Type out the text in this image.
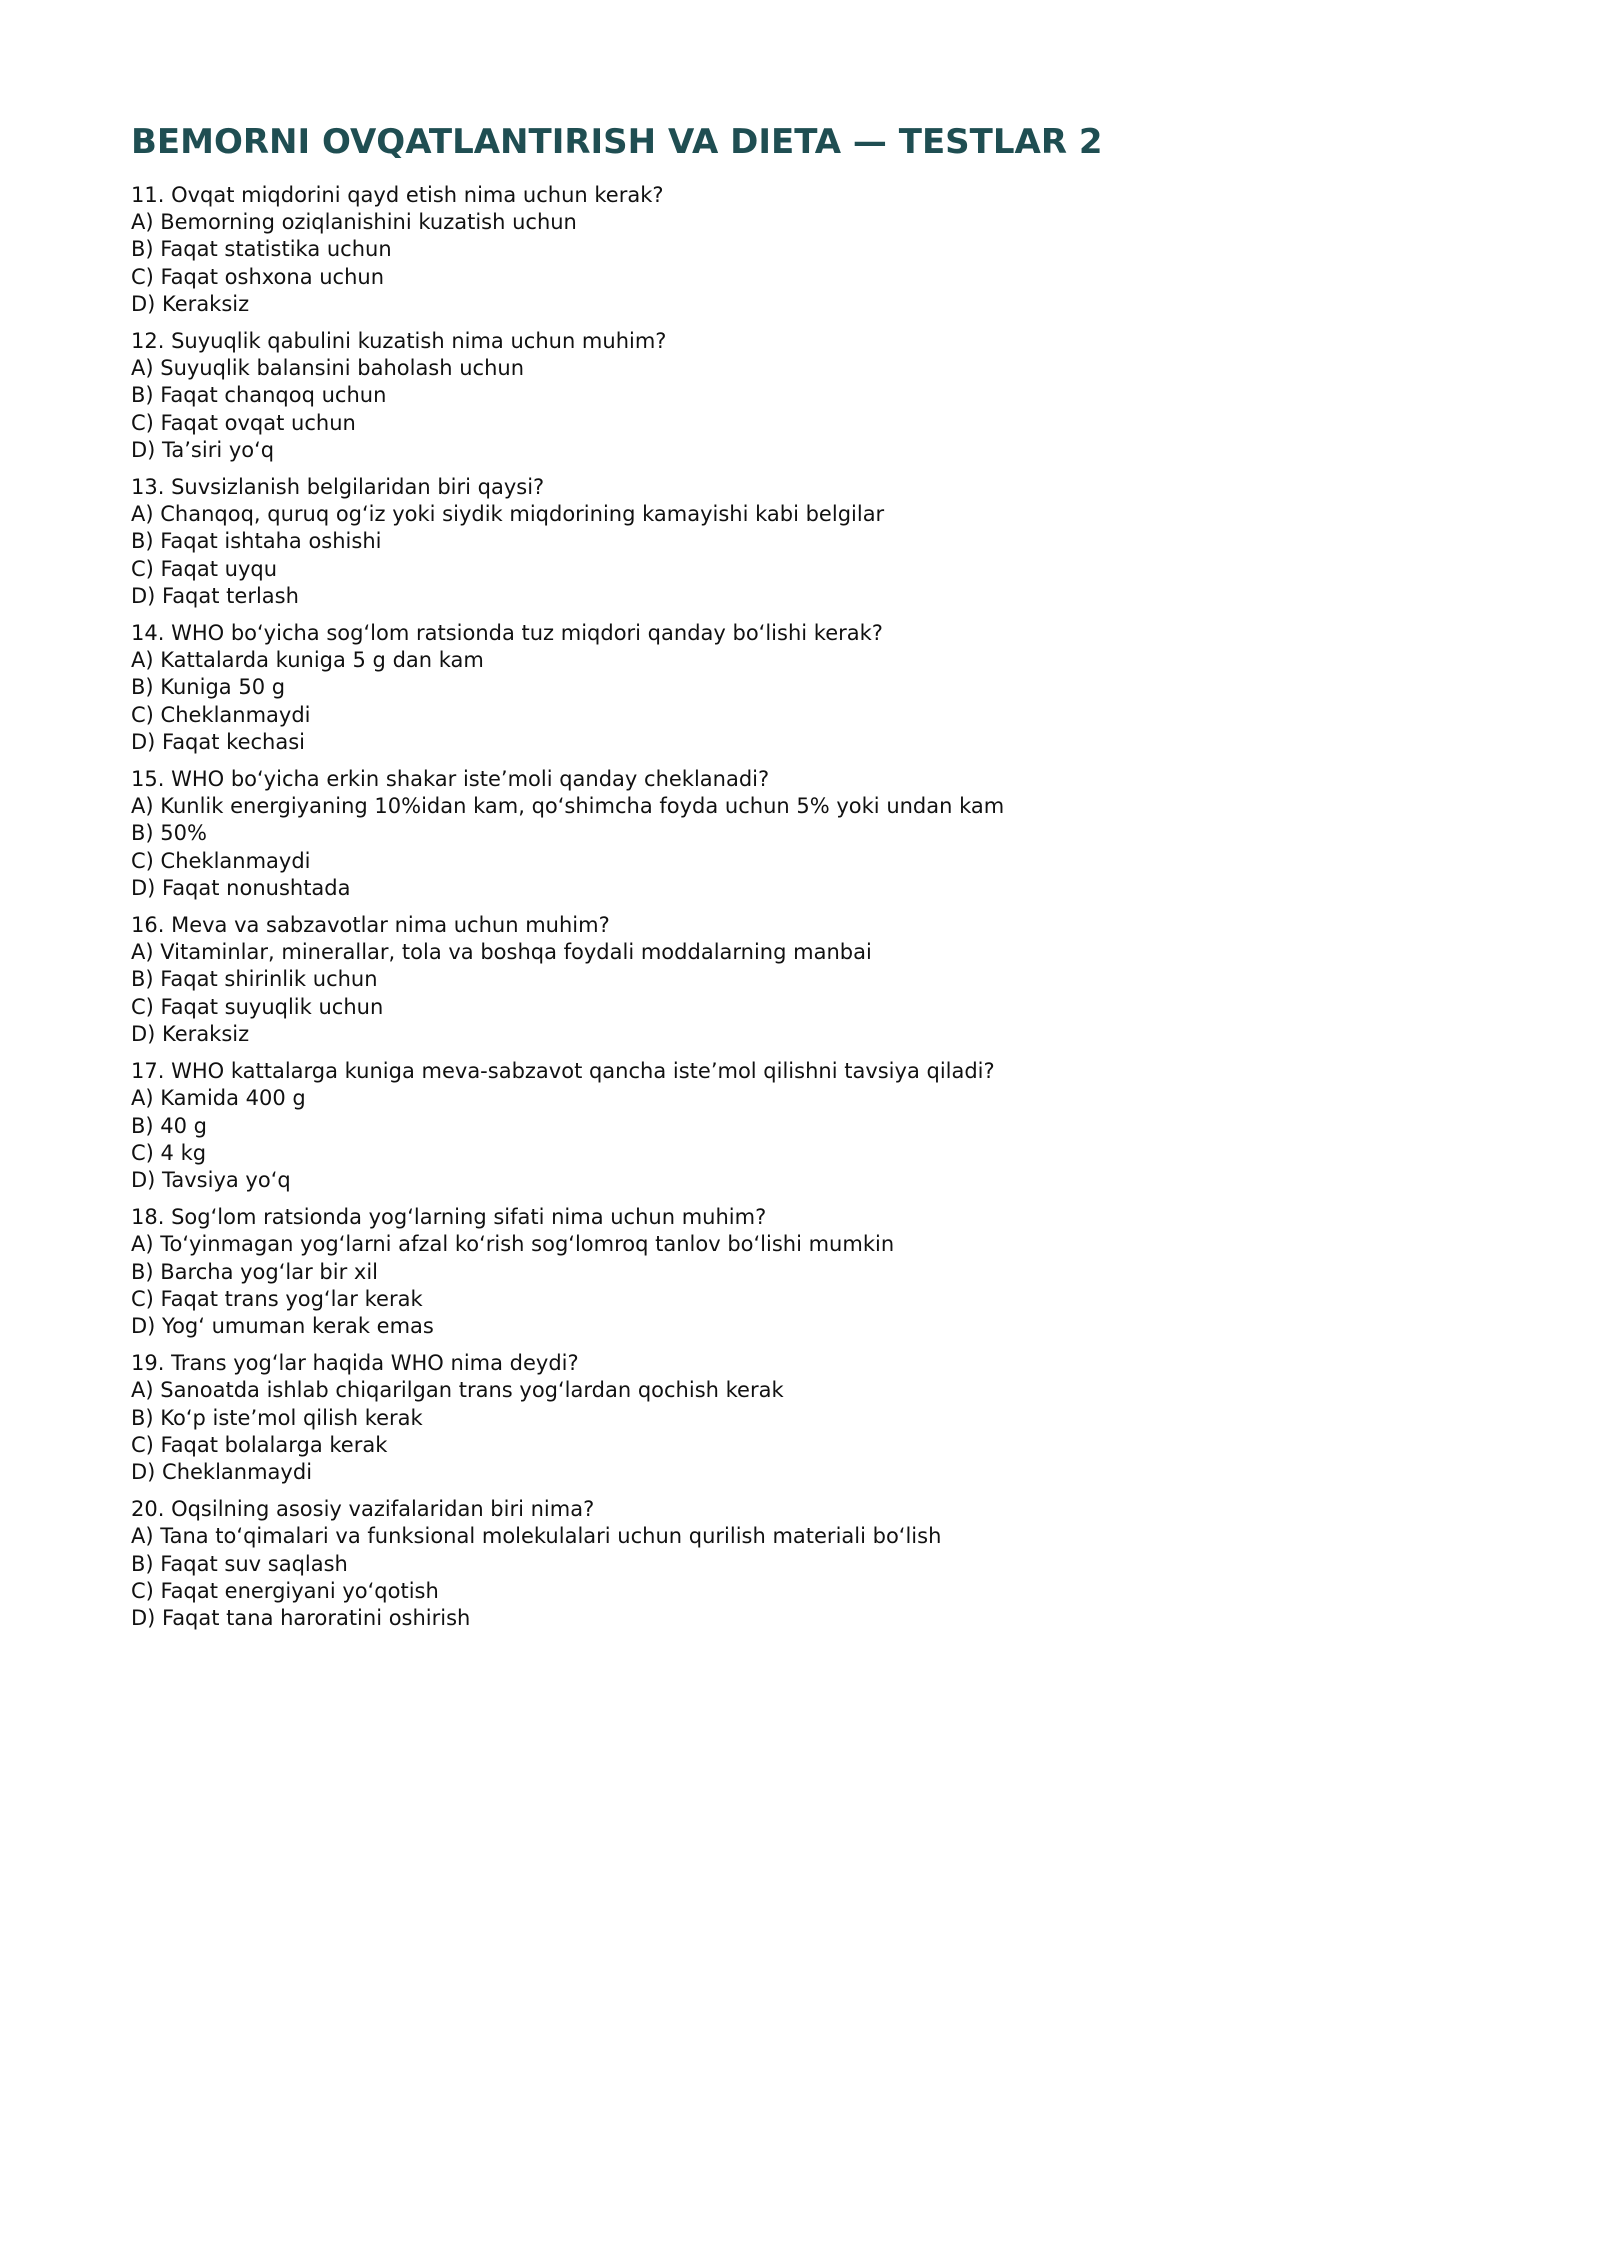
BEMORNI OVQATLANTIRISH VA DIETA — TESTLAR 2

11. Ovqat miqdorini qayd etish nima uchun kerak?

A) Bemorning oziqlanishini kuzatish uchun

B) Faqat statistika uchun

C) Faqat oshxona uchun

D) Keraksiz

12. Suyuqlik qabulini kuzatish nima uchun muhim?

A) Suyuqlik balansini baholash uchun

B) Faqat chanqoq uchun

C) Faqat ovqat uchun

D) Ta’siri yo‘q

13. Suvsizlanish belgilaridan biri qaysi?

A) Chanqoq, quruq og‘iz yoki siydik miqdorining kamayishi kabi belgilar

B) Faqat ishtaha oshishi

C) Faqat uyqu

D) Faqat terlash

14. WHO bo‘yicha sog‘lom ratsionda tuz miqdori qanday bo‘lishi kerak?

A) Kattalarda kuniga 5 g dan kam

B) Kuniga 50 g

C) Cheklanmaydi

D) Faqat kechasi

15. WHO bo‘yicha erkin shakar iste’moli qanday cheklanadi?

A) Kunlik energiyaning 10%idan kam, qo‘shimcha foyda uchun 5% yoki undan kam

B) 50%

C) Cheklanmaydi

D) Faqat nonushtada

16. Meva va sabzavotlar nima uchun muhim?

A) Vitaminlar, minerallar, tola va boshqa foydali moddalarning manbai

B) Faqat shirinlik uchun

C) Faqat suyuqlik uchun

D) Keraksiz

17. WHO kattalarga kuniga meva-sabzavot qancha iste’mol qilishni tavsiya qiladi?

A) Kamida 400 g

B) 40 g

C) 4 kg

D) Tavsiya yo‘q

18. Sog‘lom ratsionda yog‘larning sifati nima uchun muhim?

A) To‘yinmagan yog‘larni afzal ko‘rish sog‘lomroq tanlov bo‘lishi mumkin

B) Barcha yog‘lar bir xil

C) Faqat trans yog‘lar kerak

D) Yog‘ umuman kerak emas

19. Trans yog‘lar haqida WHO nima deydi?

A) Sanoatda ishlab chiqarilgan trans yog‘lardan qochish kerak

B) Ko‘p iste’mol qilish kerak

C) Faqat bolalarga kerak

D) Cheklanmaydi

20. Oqsilning asosiy vazifalaridan biri nima?

A) Tana to‘qimalari va funksional molekulalari uchun qurilish materiali bo‘lish

B) Faqat suv saqlash

C) Faqat energiyani yo‘qotish

D) Faqat tana haroratini oshirish
